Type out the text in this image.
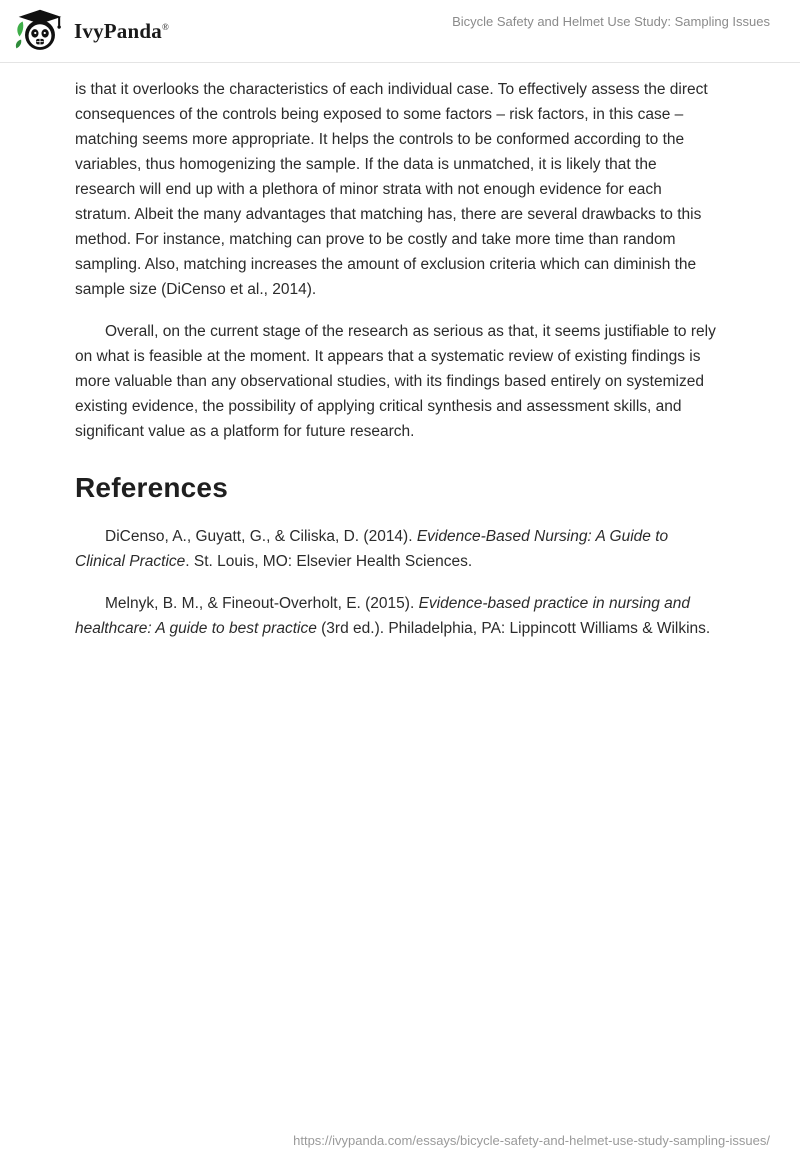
IvyPanda®	Bicycle Safety and Helmet Use Study: Sampling Issues

is that it overlooks the characteristics of each individual case. To effectively assess the direct consequences of the controls being exposed to some factors – risk factors, in this case – matching seems more appropriate. It helps the controls to be conformed according to the variables, thus homogenizing the sample. If the data is unmatched, it is likely that the research will end up with a plethora of minor strata with not enough evidence for each stratum. Albeit the many advantages that matching has, there are several drawbacks to this method. For instance, matching can prove to be costly and take more time than random sampling. Also, matching increases the amount of exclusion criteria which can diminish the sample size (DiCenso et al., 2014).

Overall, on the current stage of the research as serious as that, it seems justifiable to rely on what is feasible at the moment. It appears that a systematic review of existing findings is more valuable than any observational studies, with its findings based entirely on systemized existing evidence, the possibility of applying critical synthesis and assessment skills, and significant value as a platform for future research.

References

DiCenso, A., Guyatt, G., & Ciliska, D. (2014). Evidence-Based Nursing: A Guide to Clinical Practice. St. Louis, MO: Elsevier Health Sciences.

Melnyk, B. M., & Fineout-Overholt, E. (2015). Evidence-based practice in nursing and healthcare: A guide to best practice (3rd ed.). Philadelphia, PA: Lippincott Williams & Wilkins.

https://ivypanda.com/essays/bicycle-safety-and-helmet-use-study-sampling-issues/
